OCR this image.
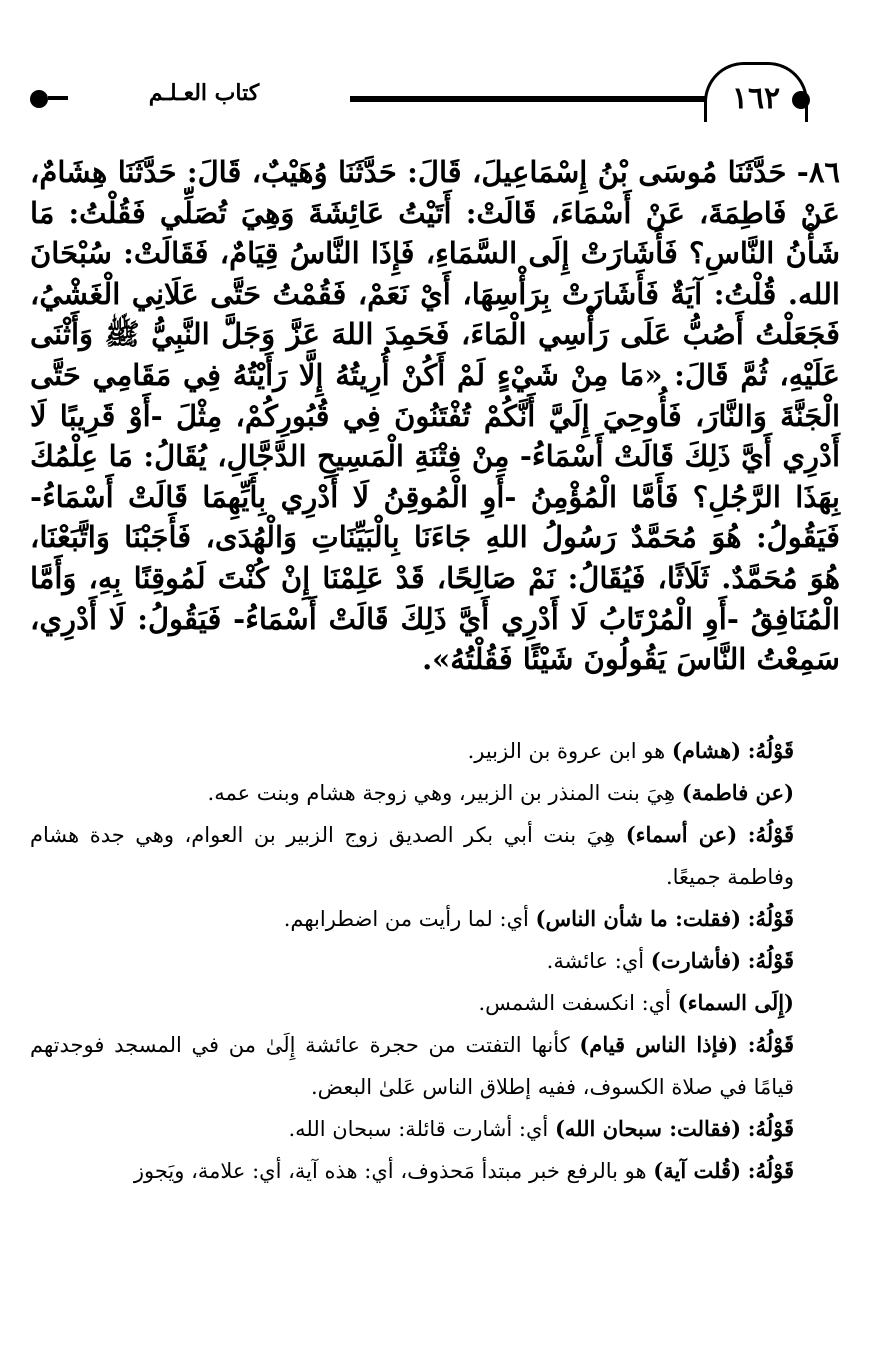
كتاب العـلـم	١٦٢
٨٦- حَدَّثَنَا مُوسَى بْنُ إِسْمَاعِيلَ، قَالَ: حَدَّثَنَا وُهَيْبٌ، قَالَ: حَدَّثَنَا هِشَامٌ، عَنْ فَاطِمَةَ، عَنْ أَسْمَاءَ، قَالَتْ: أَتَيْتُ عَائِشَةَ وَهِيَ تُصَلِّي فَقُلْتُ: مَا شَأْنُ النَّاسِ؟ فَأَشَارَتْ إِلَى السَّمَاءِ، فَإِذَا النَّاسُ قِيَامٌ، فَقَالَتْ: سُبْحَانَ الله. قُلْتُ: آيَةٌ فَأَشَارَتْ بِرَأْسِهَا، أَيْ نَعَمْ، فَقُمْتُ حَتَّى عَلَانِي الْغَشْيُ، فَجَعَلْتُ أَصُبُّ عَلَى رَأْسِي الْمَاءَ، فَحَمِدَ اللهَ عَزَّ وَجَلَّ النَّبِيُّ ﷺ وَأَثْنَى عَلَيْهِ، ثُمَّ قَالَ: «مَا مِنْ شَيْءٍ لَمْ أَكُنْ أُرِيتُهُ إِلَّا رَأَيْتُهُ فِي مَقَامِي حَتَّى الْجَنَّةَ وَالنَّارَ، فَأُوحِيَ إِلَيَّ أَنَّكُمْ تُفْتَنُونَ فِي قُبُورِكُمْ، مِثْلَ -أَوْ قَرِيبًا لَا أَدْرِي أَيَّ ذَلِكَ قَالَتْ أَسْمَاءُ- مِنْ فِتْنَةِ الْمَسِيحِ الدَّجَّالِ، يُقَالُ: مَا عِلْمُكَ بِهَذَا الرَّجُلِ؟ فَأَمَّا الْمُؤْمِنُ -أَوِ الْمُوقِنُ لَا أَدْرِي بِأَيِّهِمَا قَالَتْ أَسْمَاءُ- فَيَقُولُ: هُوَ مُحَمَّدٌ رَسُولُ اللهِ جَاءَنَا بِالْبَيِّنَاتِ وَالْهُدَى، فَأَجَبْنَا وَاتَّبَعْنَا، هُوَ مُحَمَّدٌ. ثَلَاثًا، فَيُقَالُ: نَمْ صَالِحًا، قَدْ عَلِمْنَا إِنْ كُنْتَ لَمُوقِنًا بِهِ، وَأَمَّا الْمُنَافِقُ -أَوِ الْمُرْتَابُ لَا أَدْرِي أَيَّ ذَلِكَ قَالَتْ أَسْمَاءُ- فَيَقُولُ: لَا أَدْرِي، سَمِعْتُ النَّاسَ يَقُولُونَ شَيْئًا فَقُلْتُهُ».

قَوْلُهُ: (هشام) هو ابن عروة بن الزبير.

(عن فاطمة) هِيَ بنت المنذر بن الزبير، وهي زوجة هشام وبنت عمه.

قَوْلُهُ: (عن أسماء) هِيَ بنت أبي بكر الصديق زوج الزبير بن العوام، وهي جدة هشام وفاطمة جميعًا.

قَوْلُهُ: (فقلت: ما شأن الناس) أي: لما رأيت من اضطرابهم.

قَوْلُهُ: (فأشارت) أي: عائشة.

(إِلَى السماء) أي: انكسفت الشمس.

قَوْلُهُ: (فإذا الناس قيام) كأنها التفتت من حجرة عائشة إِلَىٰ من في المسجد فوجدتهم قيامًا في صلاة الكسوف، ففيه إطلاق الناس عَلىٰ البعض.

قَوْلُهُ: (فقالت: سبحان الله) أي: أشارت قائلة: سبحان الله.

قَوْلُهُ: (قُلت آية) هو بالرفع خبر مبتدأ مَحذوف، أي: هذه آية، أي: علامة، ويَجوز
